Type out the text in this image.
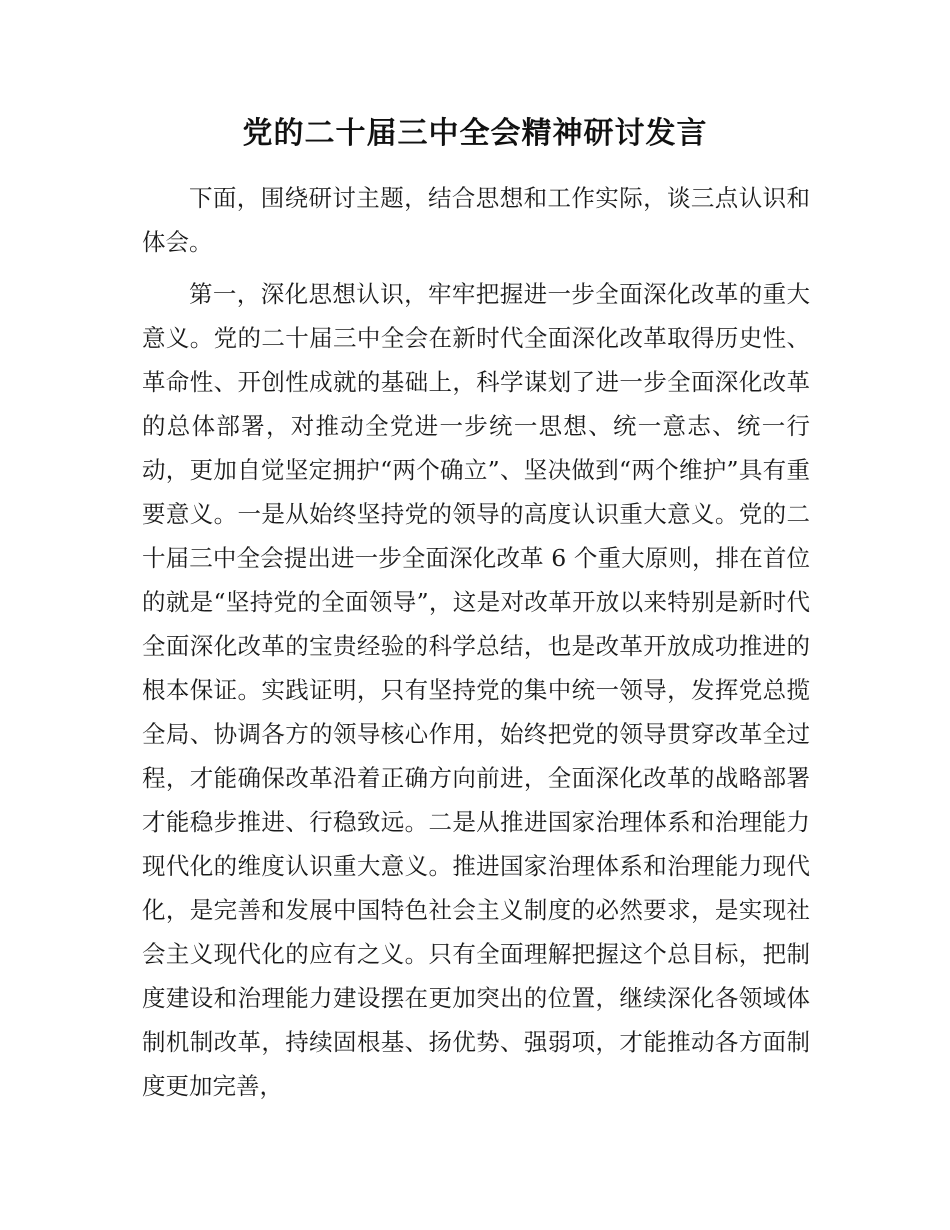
党的二十届三中全会精神研讨发言

下面，围绕研讨主题，结合思想和工作实际，谈三点认识和体会。

第一，深化思想认识，牢牢把握进一步全面深化改革的重大意义。党的二十届三中全会在新时代全面深化改革取得历史性、革命性、开创性成就的基础上，科学谋划了进一步全面深化改革的总体部署，对推动全党进一步统一思想、统一意志、统一行动，更加自觉坚定拥护“两个确立”、坚决做到“两个维护”具有重要意义。一是从始终坚持党的领导的高度认识重大意义。党的二十届三中全会提出进一步全面深化改革 6 个重大原则，排在首位的就是“坚持党的全面领导”，这是对改革开放以来特别是新时代全面深化改革的宝贵经验的科学总结，也是改革开放成功推进的根本保证。实践证明，只有坚持党的集中统一领导，发挥党总揽全局、协调各方的领导核心作用，始终把党的领导贯穿改革全过程，才能确保改革沿着正确方向前进，全面深化改革的战略部署才能稳步推进、行稳致远。二是从推进国家治理体系和治理能力现代化的维度认识重大意义。推进国家治理体系和治理能力现代化，是完善和发展中国特色社会主义制度的必然要求，是实现社会主义现代化的应有之义。只有全面理解把握这个总目标，把制度建设和治理能力建设摆在更加突出的位置，继续深化各领域体制机制改革，持续固根基、扬优势、强弱项，才能推动各方面制度更加完善，
